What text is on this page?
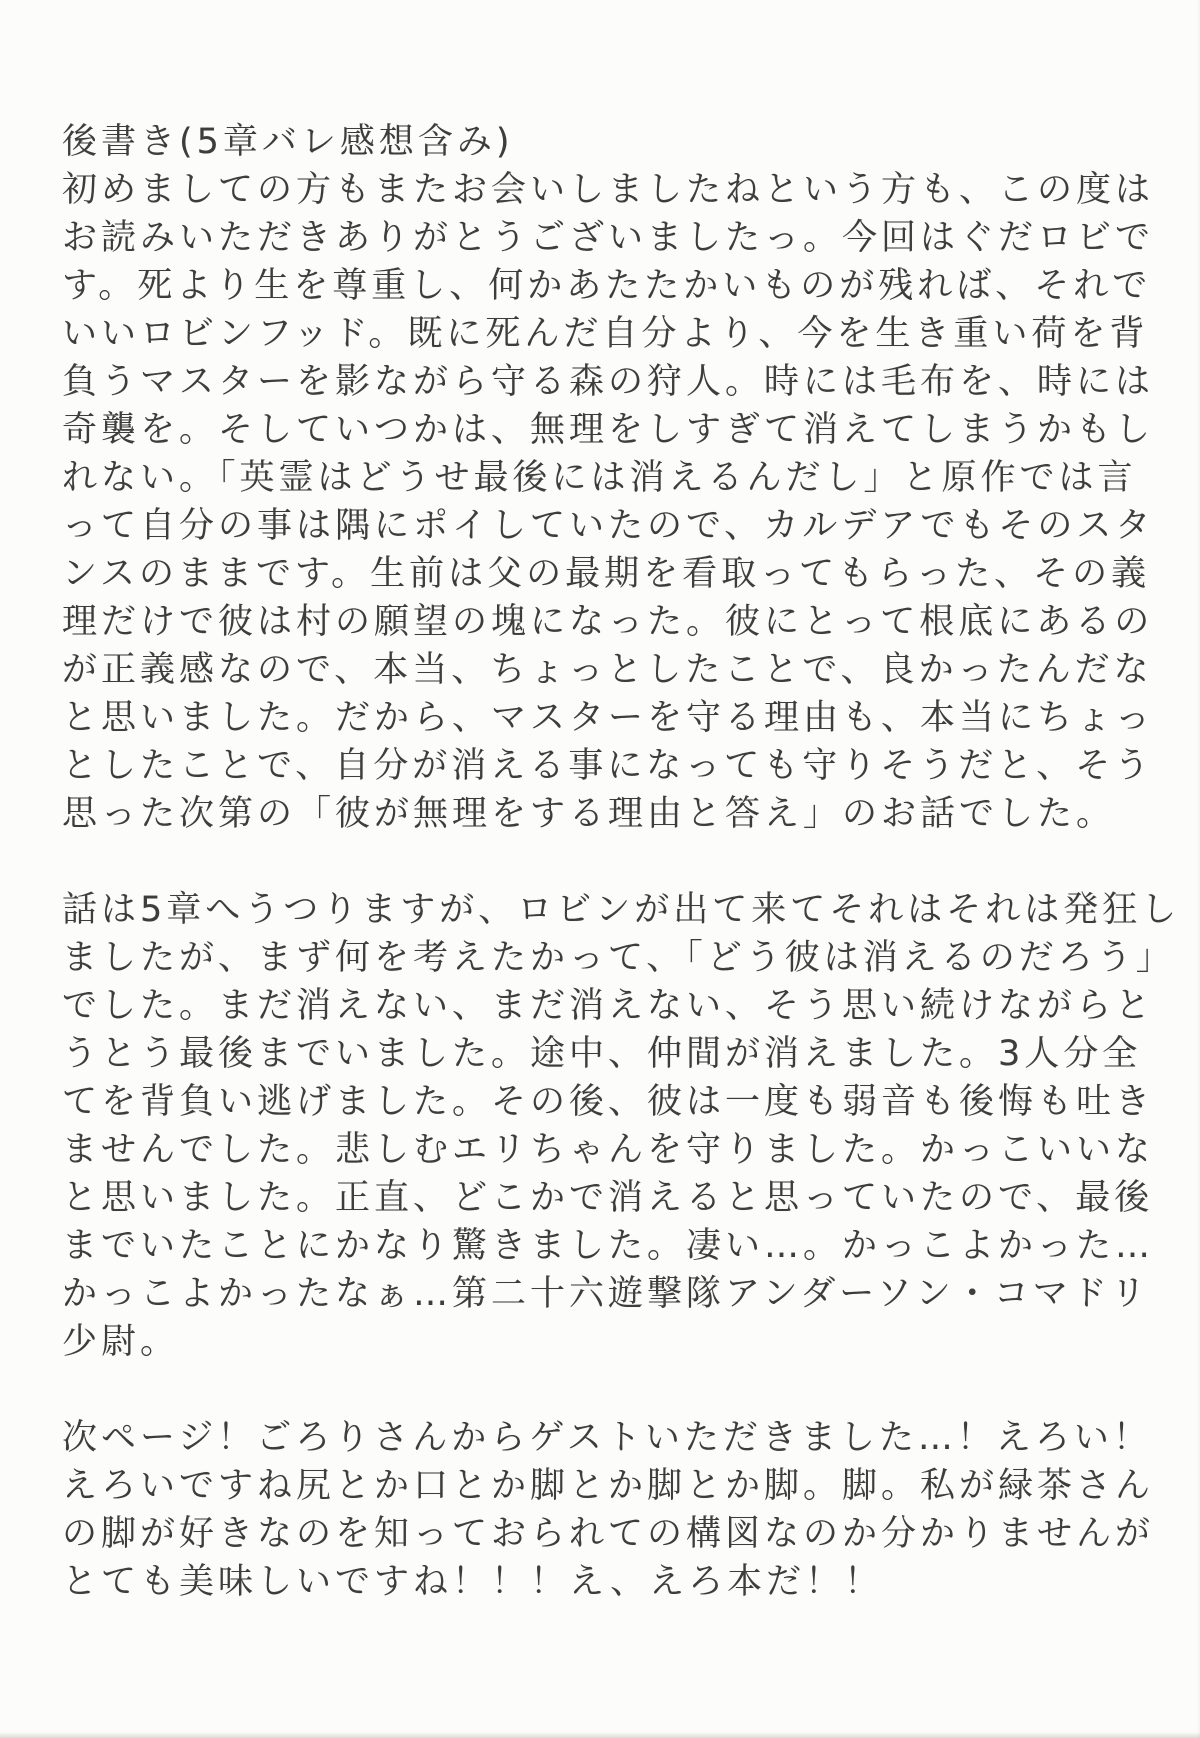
後書き(5章バレ感想含み)
初めましての方もまたお会いしましたねという方も、この度は
お読みいただきありがとうございましたっ。今回はぐだロビで
す。死より生を尊重し、何かあたたかいものが残れば、それで
いいロビンフッド。既に死んだ自分より、今を生き重い荷を背
負うマスターを影ながら守る森の狩人。時には毛布を、時には
奇襲を。そしていつかは、無理をしすぎて消えてしまうかもし
れない。「英霊はどうせ最後には消えるんだし」と原作では言
って自分の事は隅にポイしていたので、カルデアでもそのスタ
ンスのままです。生前は父の最期を看取ってもらった、その義
理だけで彼は村の願望の塊になった。彼にとって根底にあるの
が正義感なので、本当、ちょっとしたことで、良かったんだな
と思いました。だから、マスターを守る理由も、本当にちょっ
としたことで、自分が消える事になっても守りそうだと、そう
思った次第の「彼が無理をする理由と答え」のお話でした。
話は5章へうつりますが、ロビンが出て来てそれはそれは発狂し
ましたが、まず何を考えたかって、「どう彼は消えるのだろう」
でした。まだ消えない、まだ消えない、そう思い続けながらと
うとう最後までいました。途中、仲間が消えました。3人分全
てを背負い逃げました。その後、彼は一度も弱音も後悔も吐き
ませんでした。悲しむエリちゃんを守りました。かっこいいな
と思いました。正直、どこかで消えると思っていたので、最後
までいたことにかなり驚きました。凄い…。かっこよかった…
かっこよかったなぁ…第二十六遊撃隊アンダーソン・コマドリ
少尉。
次ページ！ごろりさんからゲストいただきました…！えろい！
えろいですね尻とか口とか脚とか脚とか脚。脚。私が緑茶さん
の脚が好きなのを知っておられての構図なのか分かりませんが
とても美味しいですね！！！え、えろ本だ！！
